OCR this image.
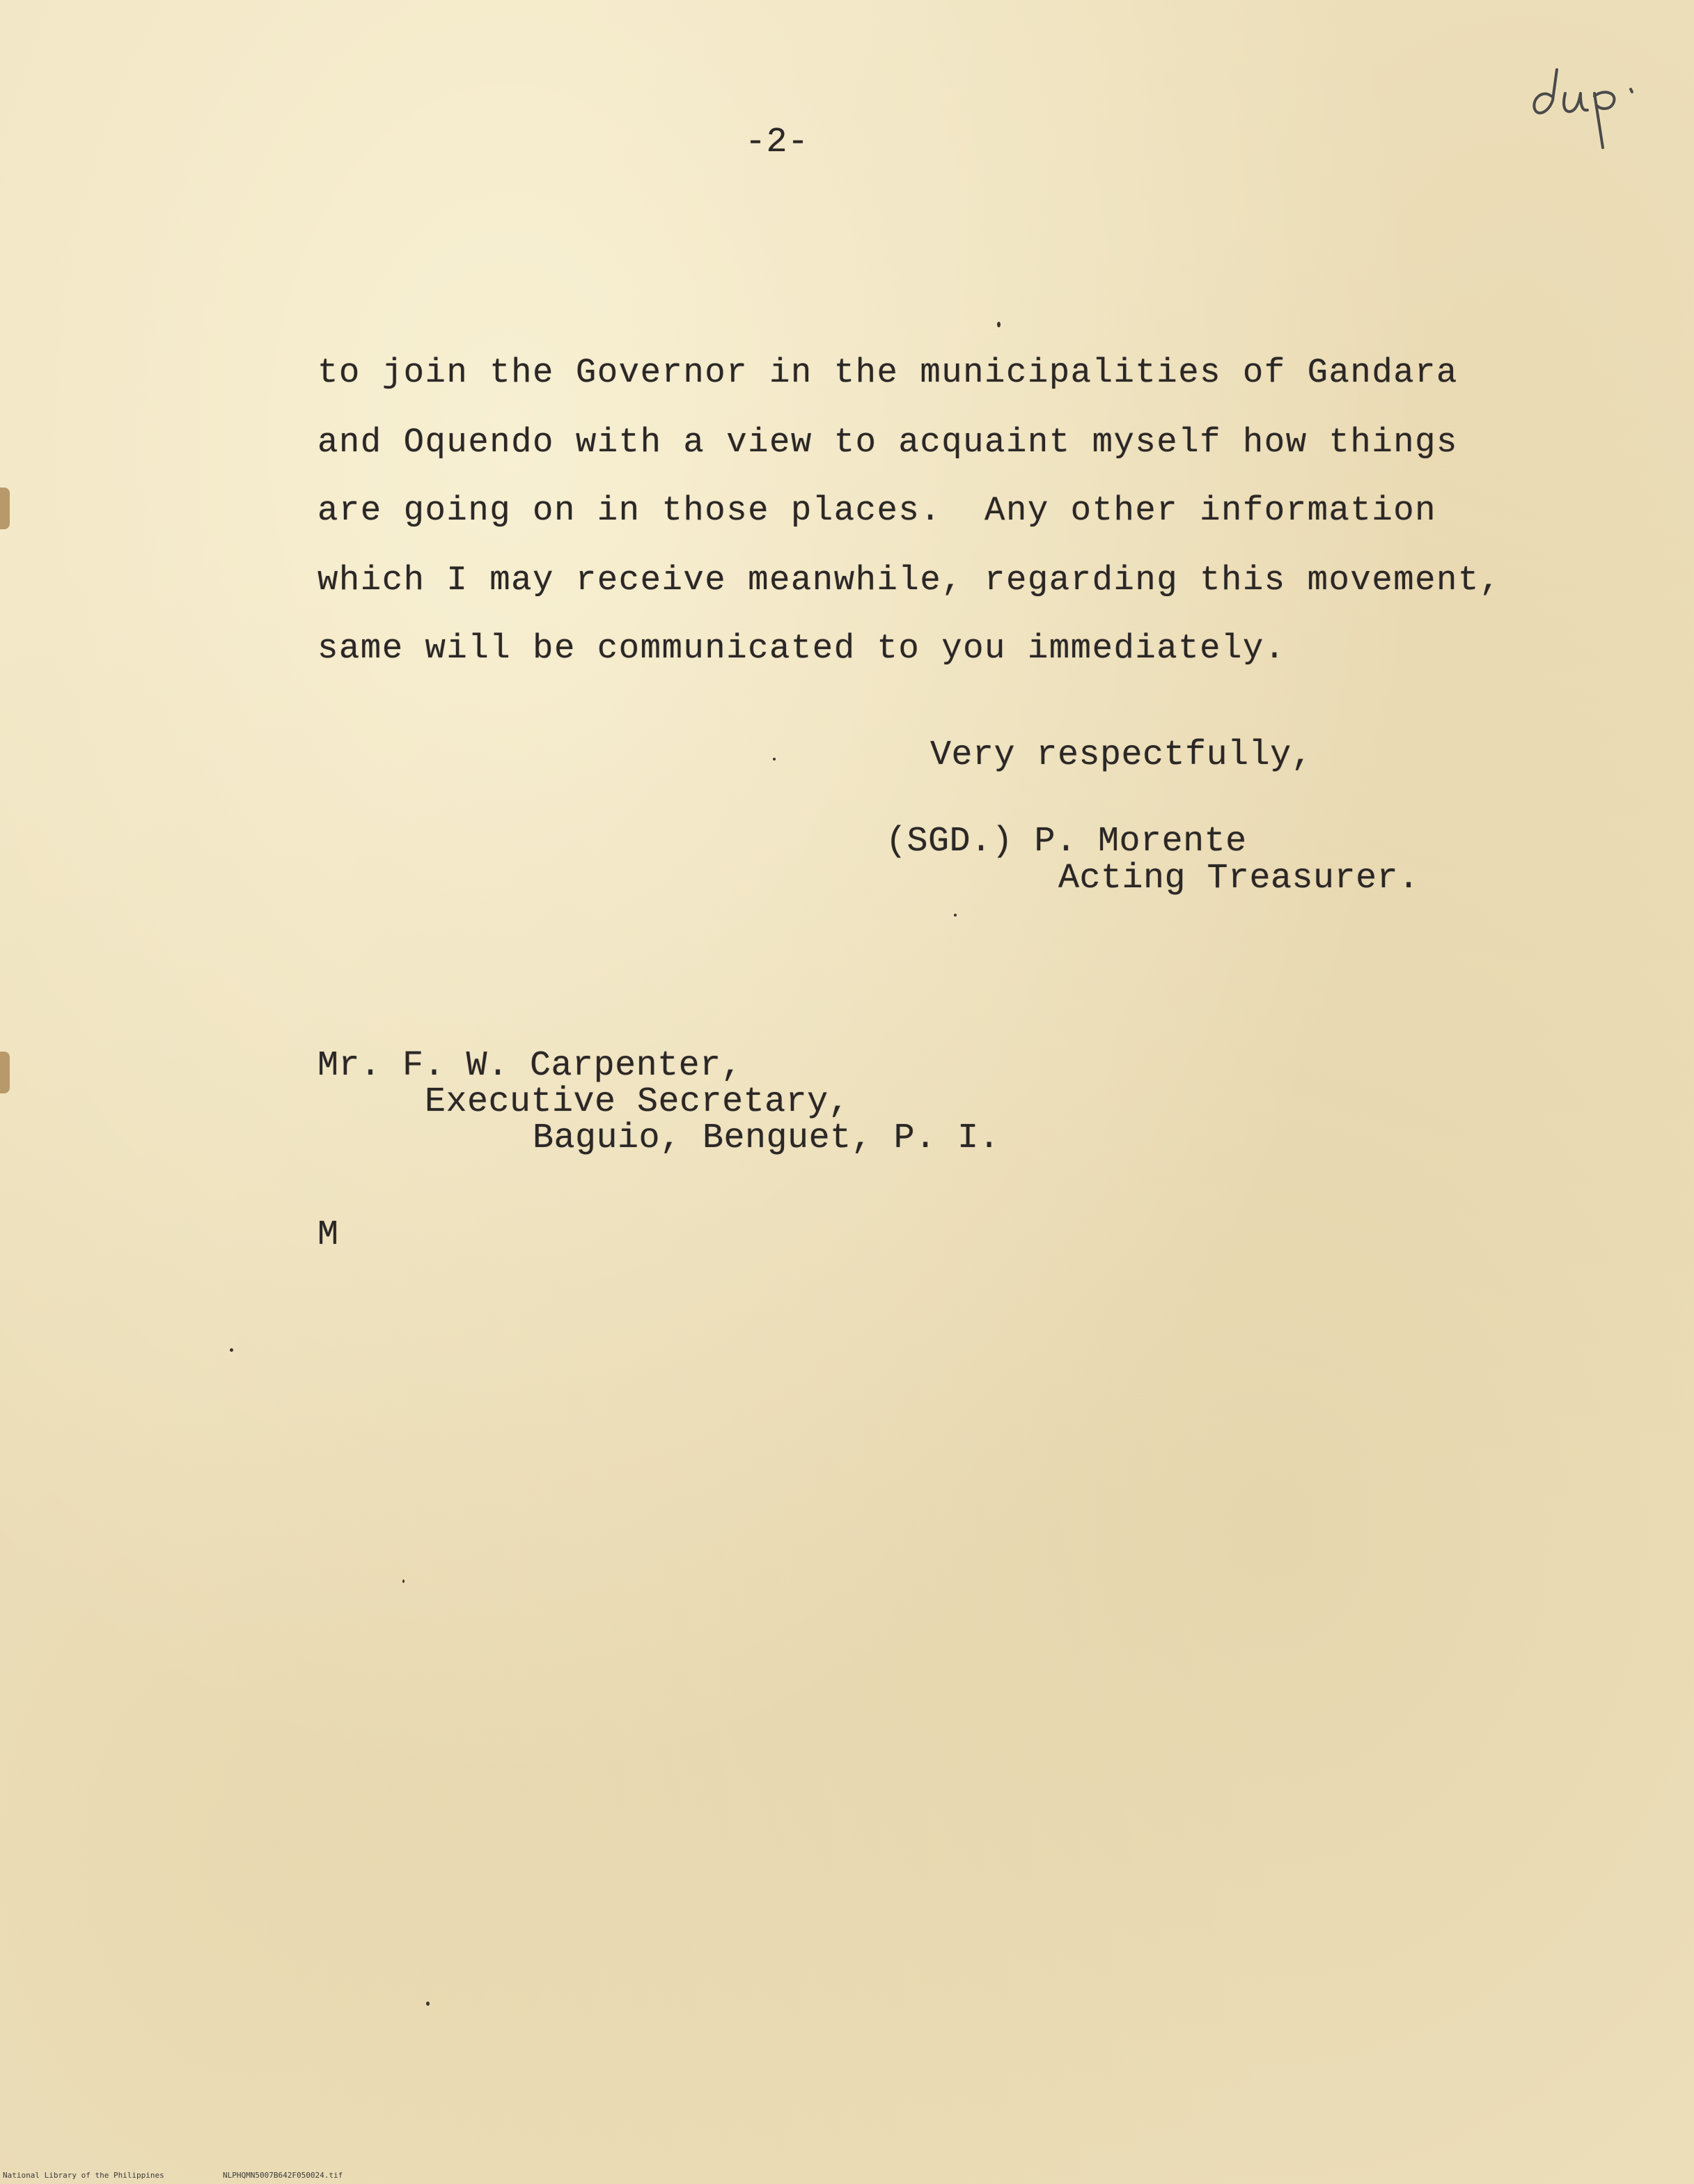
-2-
to join the Governor in the municipalities of Gandara
and Oquendo with a view to acquaint myself how things
are going on in those places.  Any other information
which I may receive meanwhile, regarding this movement,
same will be communicated to you immediately.
Very respectfully,
(SGD.) P. Morente
Acting Treasurer.
Mr. F. W. Carpenter,
Executive Secretary,
Baguio, Benguet, P. I.
M
National Library of the Philippines	NLPHQMN5007B642F050024.tif
